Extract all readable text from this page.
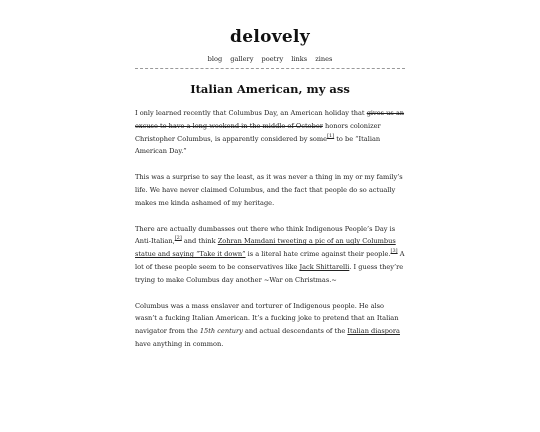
delovely
blog gallery poetry links zines
Italian American, my ass

I only learned recently that Columbus Day, an American holiday that gives us an excuse to have a long weekend in the middle of October honors colonizer Christopher Columbus, is apparently considered by some[1] to be “Italian American Day.”

This was a surprise to say the least, as it was never a thing in my or my family’s life. We have never claimed Columbus, and the fact that people do so actually makes me kinda ashamed of my heritage.

There are actually dumbasses out there who think Indigenous People’s Day is Anti-Italian,[2] and think Zohran Mamdani tweeting a pic of an ugly Columbus statue and saying “Take it down” is a literal hate crime against their people.[3] A lot of these people seem to be conservatives like Jack Shittarelli. I guess they’re trying to make Columbus day another ~War on Christmas.~

Columbus was a mass enslaver and torturer of Indigenous people. He also wasn’t a fucking Italian American. It’s a fucking joke to pretend that an Italian navigator from the 15th century and actual descendants of the Italian diaspora have anything in common.
